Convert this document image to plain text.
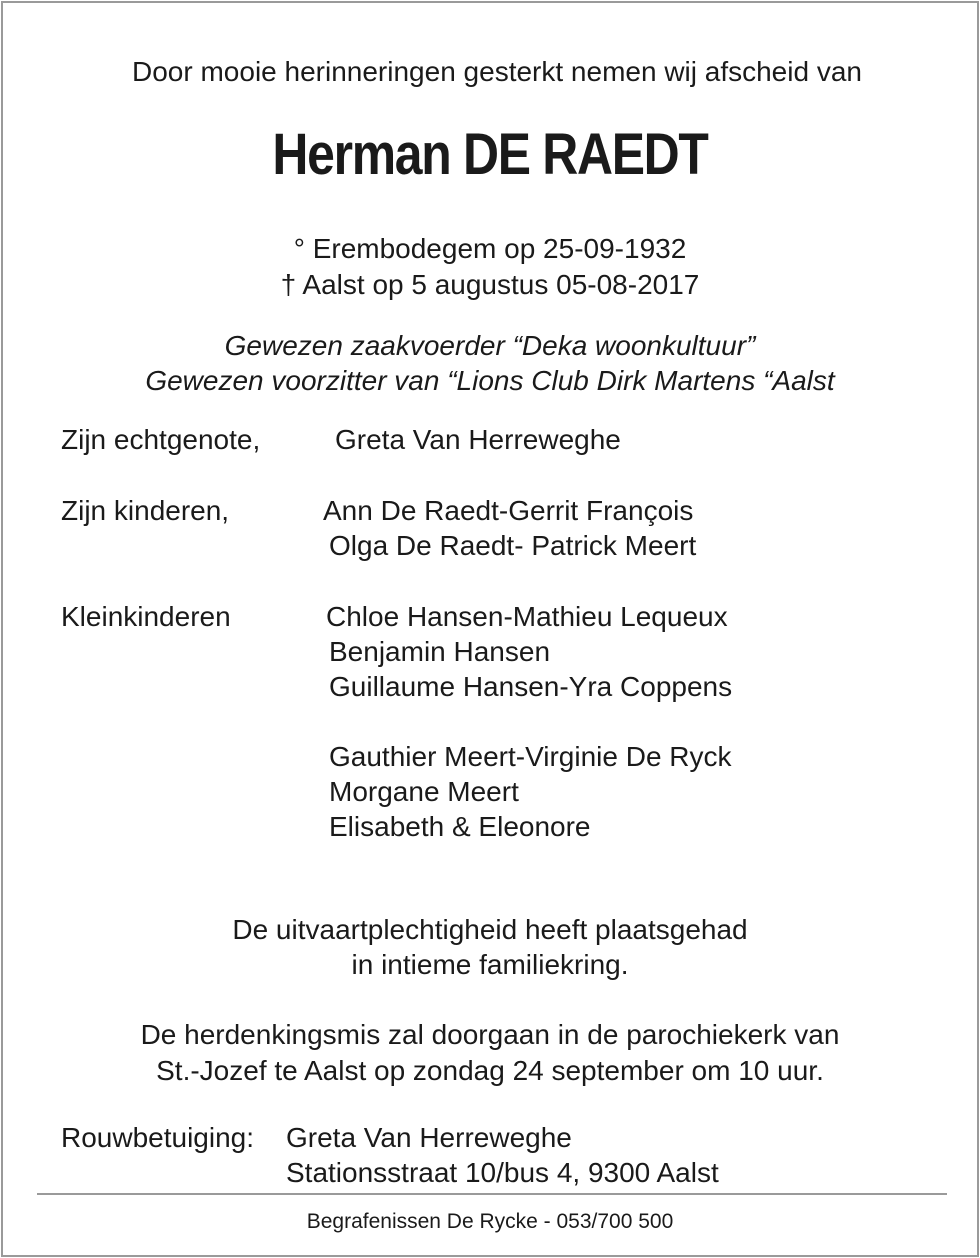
Door mooie herinneringen gesterkt nemen wij afscheid van
Herman DE RAEDT
° Erembodegem op 25-09-1932
† Aalst op 5 augustus 05-08-2017
Gewezen zaakvoerder “Deka woonkultuur”
Gewezen voorzitter van “Lions Club Dirk Martens “Aalst
Zijn echtgenote,	Greta Van Herreweghe
Zijn kinderen,	Ann De Raedt-Gerrit François
Olga De Raedt- Patrick Meert
Kleinkinderen	Chloe Hansen-Mathieu Lequeux
Benjamin Hansen
Guillaume Hansen-Yra Coppens
Gauthier Meert-Virginie De Ryck
Morgane Meert
Elisabeth & Eleonore
De uitvaartplechtigheid heeft plaatsgehad
in intieme familiekring.
De herdenkingsmis zal doorgaan in de parochiekerk van
St.-Jozef te Aalst op zondag 24 september om 10 uur.
Rouwbetuiging: Greta Van Herreweghe
Stationsstraat 10/bus 4, 9300 Aalst
Begrafenissen De Rycke - 053/700 500
